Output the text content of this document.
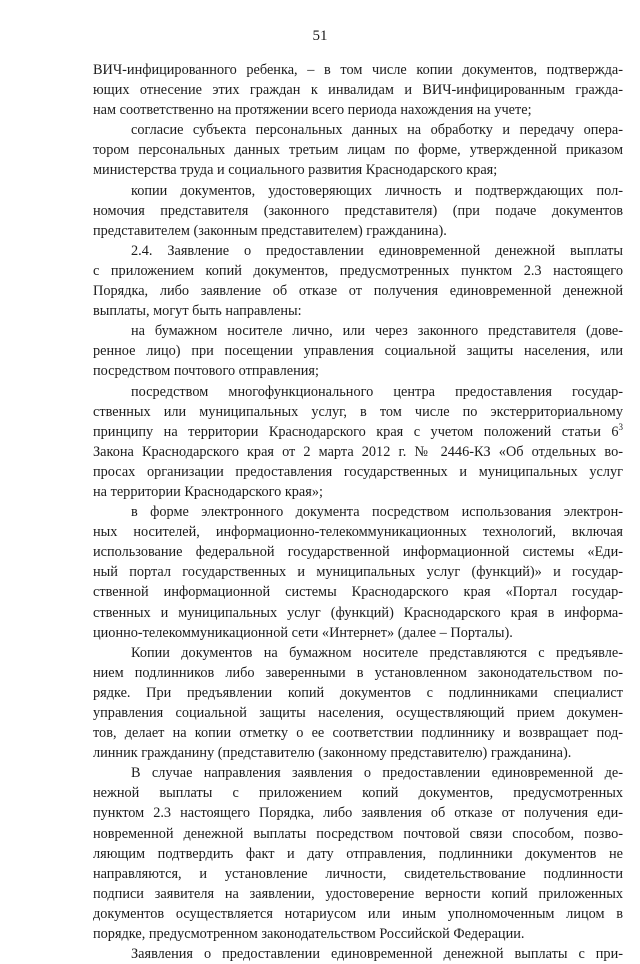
51
ВИЧ-инфицированного ребенка, – в том числе копии документов, подтвержда-
ющих отнесение этих граждан к инвалидам и ВИЧ-инфицированным гражда-
нам соответственно на протяжении всего периода нахождения на учете;
согласие субъекта персональных данных на обработку и передачу опера-
тором персональных данных третьим лицам по форме, утвержденной приказом
министерства труда и социального развития Краснодарского края;
копии документов, удостоверяющих личность и подтверждающих пол-
номочия представителя (законного представителя) (при подаче документов
представителем (законным представителем) гражданина).
2.4. Заявление о предоставлении единовременной денежной выплаты
с приложением копий документов, предусмотренных пунктом 2.3 настоящего
Порядка, либо заявление об отказе от получения единовременной денежной
выплаты, могут быть направлены:
на бумажном носителе лично, или через законного представителя (дове-
ренное лицо) при посещении управления социальной защиты населения, или
посредством почтового отправления;
посредством многофункционального центра предоставления государ-
ственных или муниципальных услуг, в том числе по экстерриториальному
принципу на территории Краснодарского края с учетом положений статьи $6^3$
Закона Краснодарского края от 2 марта 2012 г. № 2446-КЗ «Об отдельных во-
просах организации предоставления государственных и муниципальных услуг
на территории Краснодарского края»;
в форме электронного документа посредством использования электрон-
ных носителей, информационно-телекоммуникационных технологий, включая
использование федеральной государственной информационной системы «Еди-
ный портал государственных и муниципальных услуг (функций)» и государ-
ственной информационной системы Краснодарского края «Портал государ-
ственных и муниципальных услуг (функций) Краснодарского края в информа-
ционно-телекоммуникационной сети «Интернет» (далее – Порталы).
Копии документов на бумажном носителе представляются с предъявле-
нием подлинников либо заверенными в установленном законодательством по-
рядке. При предъявлении копий документов с подлинниками специалист
управления социальной защиты населения, осуществляющий прием докумен-
тов, делает на копии отметку о ее соответствии подлиннику и возвращает под-
линник гражданину (представителю (законному представителю) гражданина).
В случае направления заявления о предоставлении единовременной де-
нежной выплаты с приложением копий документов, предусмотренных
пунктом 2.3 настоящего Порядка, либо заявления об отказе от получения еди-
новременной денежной выплаты посредством почтовой связи способом, позво-
ляющим подтвердить факт и дату отправления, подлинники документов не
направляются, и установление личности, свидетельствование подлинности
подписи заявителя на заявлении, удостоверение верности копий приложенных
документов осуществляется нотариусом или иным уполномоченным лицом в
порядке, предусмотренном законодательством Российской Федерации.
Заявления о предоставлении единовременной денежной выплаты с при-
